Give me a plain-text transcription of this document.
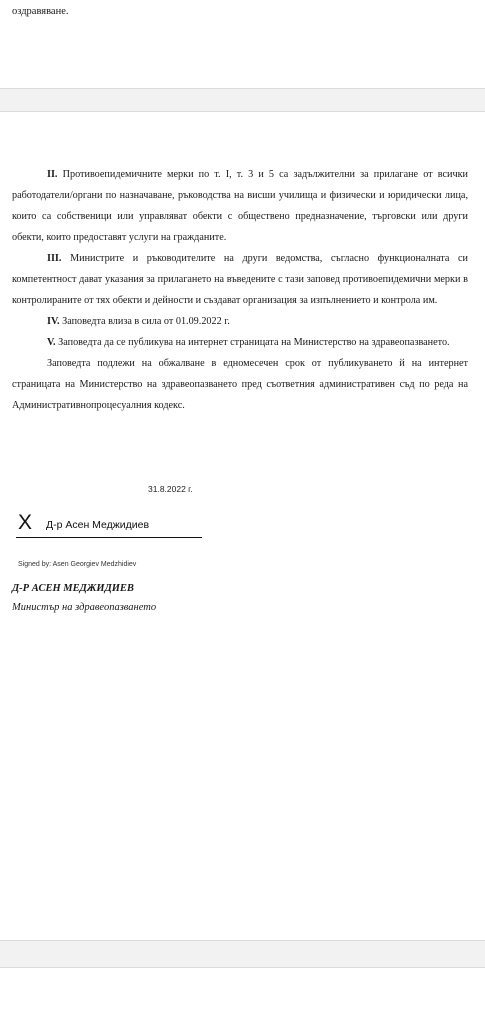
оздравяване.

II. Противоепидемичните мерки по т. I, т. 3 и 5 са задължителни за прилагане от всички работодатели/органи по назначаване, ръководства на висши училища и физически и юридически лица, които са собственици или управляват обекти с обществено предназначение, търговски или други обекти, които предоставят услуги на гражданите.

III. Министрите и ръководителите на други ведомства, съгласно функционалната си компетентност дават указания за прилагането на въведените с тази заповед противоепидемични мерки в контролираните от тях обекти и дейности и създават организация за изпълнението и контрола им.

IV. Заповедта влиза в сила от 01.09.2022 г.

V. Заповедта да се публикува на интернет страницата на Министерство на здравеопазването.

Заповедта подлежи на обжалване в едномесечен срок от публикуването й на интернет страницата на Министерство на здравеопазването пред съответния административен съд по реда на Административнопроцесуалния кодекс.

31.8.2022 г.
X Д-р Асен Меджидиев
Signed by: Asen Georgiev Medzhidiev
Д-Р АСЕН МЕДЖИДИЕВ
Министър на здравеопазването
